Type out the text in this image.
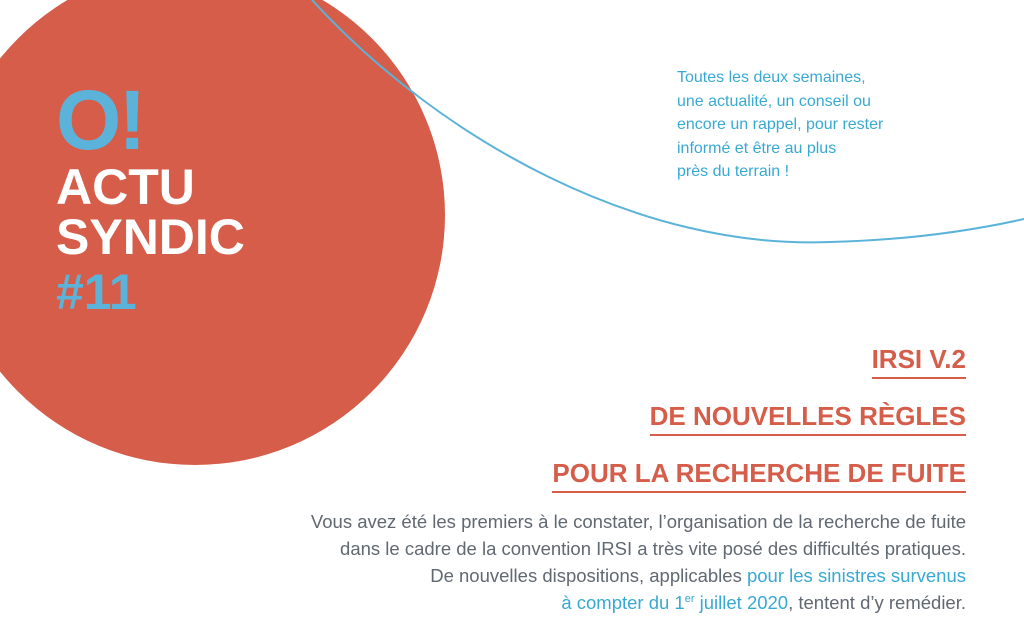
O!
ACTU
SYNDIC
#11
Toutes les deux semaines,
une actualité, un conseil ou
encore un rappel, pour rester
informé et être au plus
près du terrain !
IRSI V.2
DE NOUVELLES RÈGLES
POUR LA RECHERCHE DE FUITE
Vous avez été les premiers à le constater, l’organisation de la recherche de fuite
dans le cadre de la convention IRSI a très vite posé des difficultés pratiques.
De nouvelles dispositions, applicables pour les sinistres survenus
à compter du 1er juillet 2020, tentent d’y remédier.
